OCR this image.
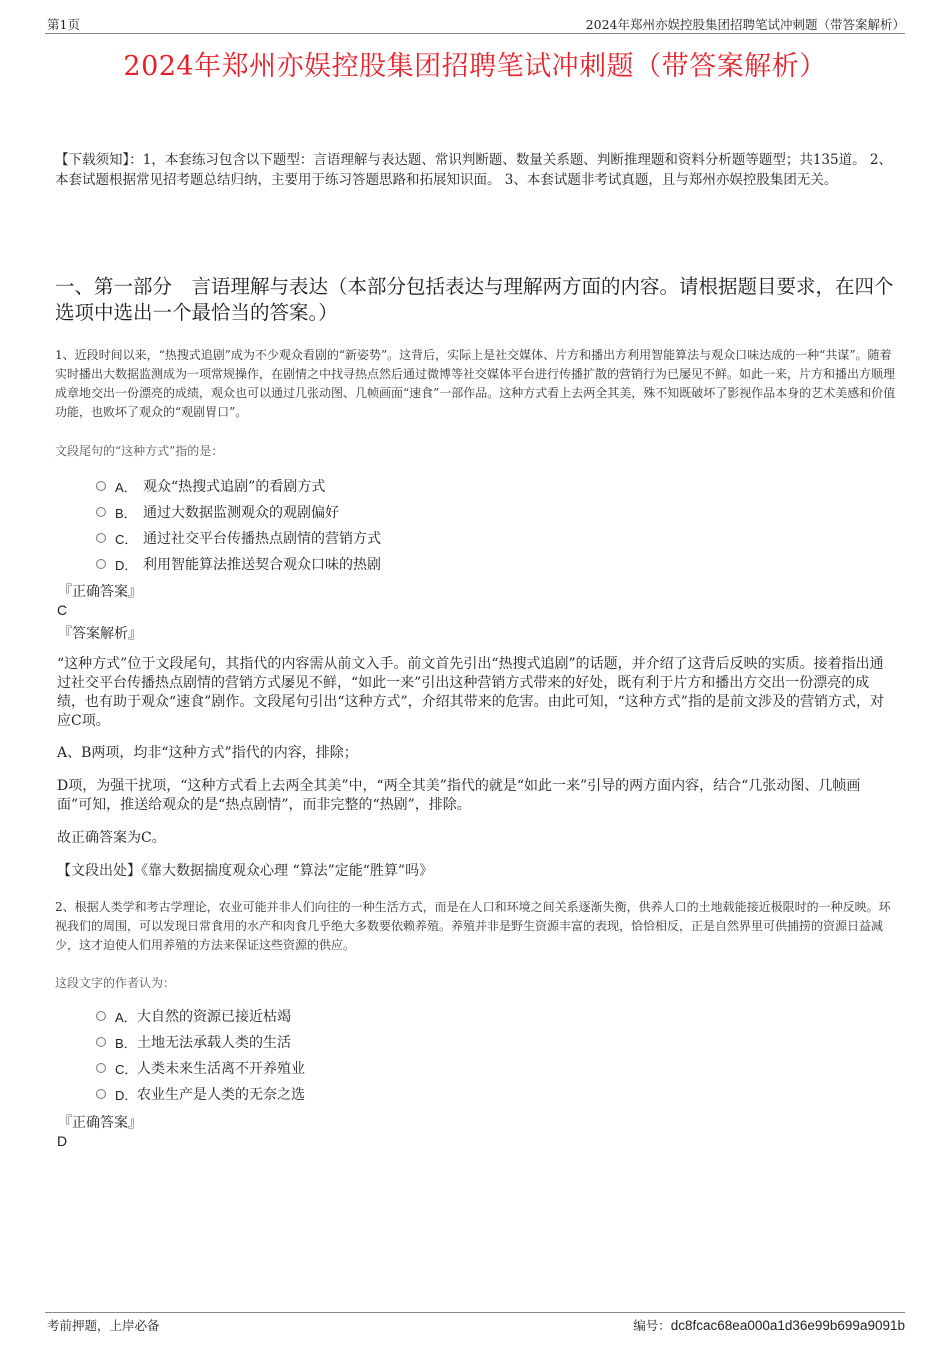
第1页	2024年郑州亦娱控股集团招聘笔试冲刺题（带答案解析）
2024年郑州亦娱控股集团招聘笔试冲刺题（带答案解析）
【下载须知】：1，本套练习包含以下题型：言语理解与表达题、常识判断题、数量关系题、判断推理题和资料分析题等题型；共135道。 2、本套试题根据常见招考题总结归纳，主要用于练习答题思路和拓展知识面。 3、本套试题非考试真题，且与郑州亦娱控股集团无关。
一、第一部分　言语理解与表达（本部分包括表达与理解两方面的内容。请根据题目要求，在四个选项中选出一个最恰当的答案。）
1、近段时间以来，“热搜式追剧”成为不少观众看剧的“新姿势”。这背后，实际上是社交媒体、片方和播出方利用智能算法与观众口味达成的一种“共谋”。随着实时播出大数据监测成为一项常规操作，在剧情之中找寻热点然后通过微博等社交媒体平台进行传播扩散的营销行为已屡见不鲜。如此一来，片方和播出方顺理成章地交出一份漂亮的成绩，观众也可以通过几张动图、几帧画面“速食”一部作品。这种方式看上去两全其美，殊不知既破坏了影视作品本身的艺术美感和价值功能，也败坏了观众的“观剧胃口”。
文段尾句的“这种方式”指的是：
A． 观众“热搜式追剧”的看剧方式
B． 通过大数据监测观众的观剧偏好
C． 通过社交平台传播热点剧情的营销方式
D． 利用智能算法推送契合观众口味的热剧
『正确答案』
C
『答案解析』
“这种方式”位于文段尾句，其指代的内容需从前文入手。前文首先引出“热搜式追剧”的话题，并介绍了这背后反映的实质。接着指出通过社交平台传播热点剧情的营销方式屡见不鲜，“如此一来”引出这种营销方式带来的好处，既有利于片方和播出方交出一份漂亮的成绩，也有助于观众“速食”剧作。文段尾句引出“这种方式”，介绍其带来的危害。由此可知，“这种方式”指的是前文涉及的营销方式，对应C项。
A、B两项，均非“这种方式”指代的内容，排除；
D项，为强干扰项，“这种方式看上去两全其美”中，“两全其美”指代的就是“如此一来”引导的两方面内容，结合“几张动图、几帧画面”可知，推送给观众的是“热点剧情”，而非完整的“热剧”，排除。
故正确答案为C。
【文段出处】《靠大数据揣度观众心理 “算法”定能“胜算”吗》
2、根据人类学和考古学理论，农业可能并非人们向往的一种生活方式，而是在人口和环境之间关系逐渐失衡，供养人口的土地载能接近极限时的一种反映。环视我们的周围，可以发现日常食用的水产和肉食几乎绝大多数要依赖养殖。养殖并非是野生资源丰富的表现，恰恰相反，正是自然界里可供捕捞的资源日益减少，这才迫使人们用养殖的方法来保证这些资源的供应。
这段文字的作者认为：
A． 大自然的资源已接近枯竭
B． 土地无法承载人类的生活
C． 人类未来生活离不开养殖业
D． 农业生产是人类的无奈之选
『正确答案』
D
考前押题，上岸必备	编号：dc8fcac68ea000a1d36e99b699a9091b
